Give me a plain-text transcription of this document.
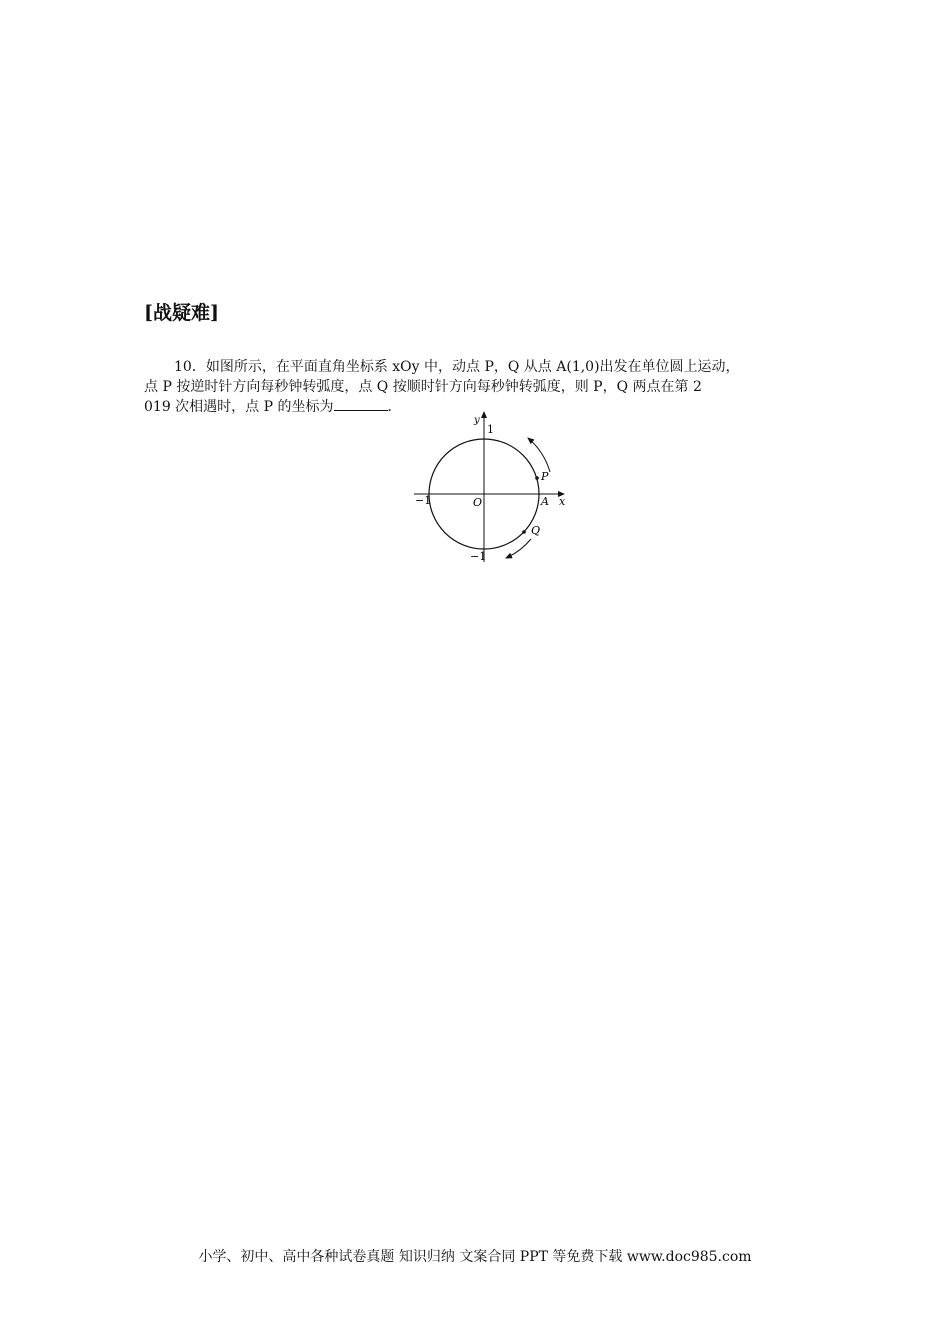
[战疑难]

10．如图所示，在平面直角坐标系 xOy 中，动点 P，Q 从点 A(1,0)出发在单位圆上运动，

点 P 按逆时针方向每秒钟转弧度，点 Q 按顺时针方向每秒钟转弧度，则 P，Q 两点在第 2

019 次相遇时，点 P 的坐标为	．

y
x
1
−1
−1
O	A
P
Q
小学、初中、高中各种试卷真题 知识归纳 文案合同 PPT 等免费下载 www.doc985.com
